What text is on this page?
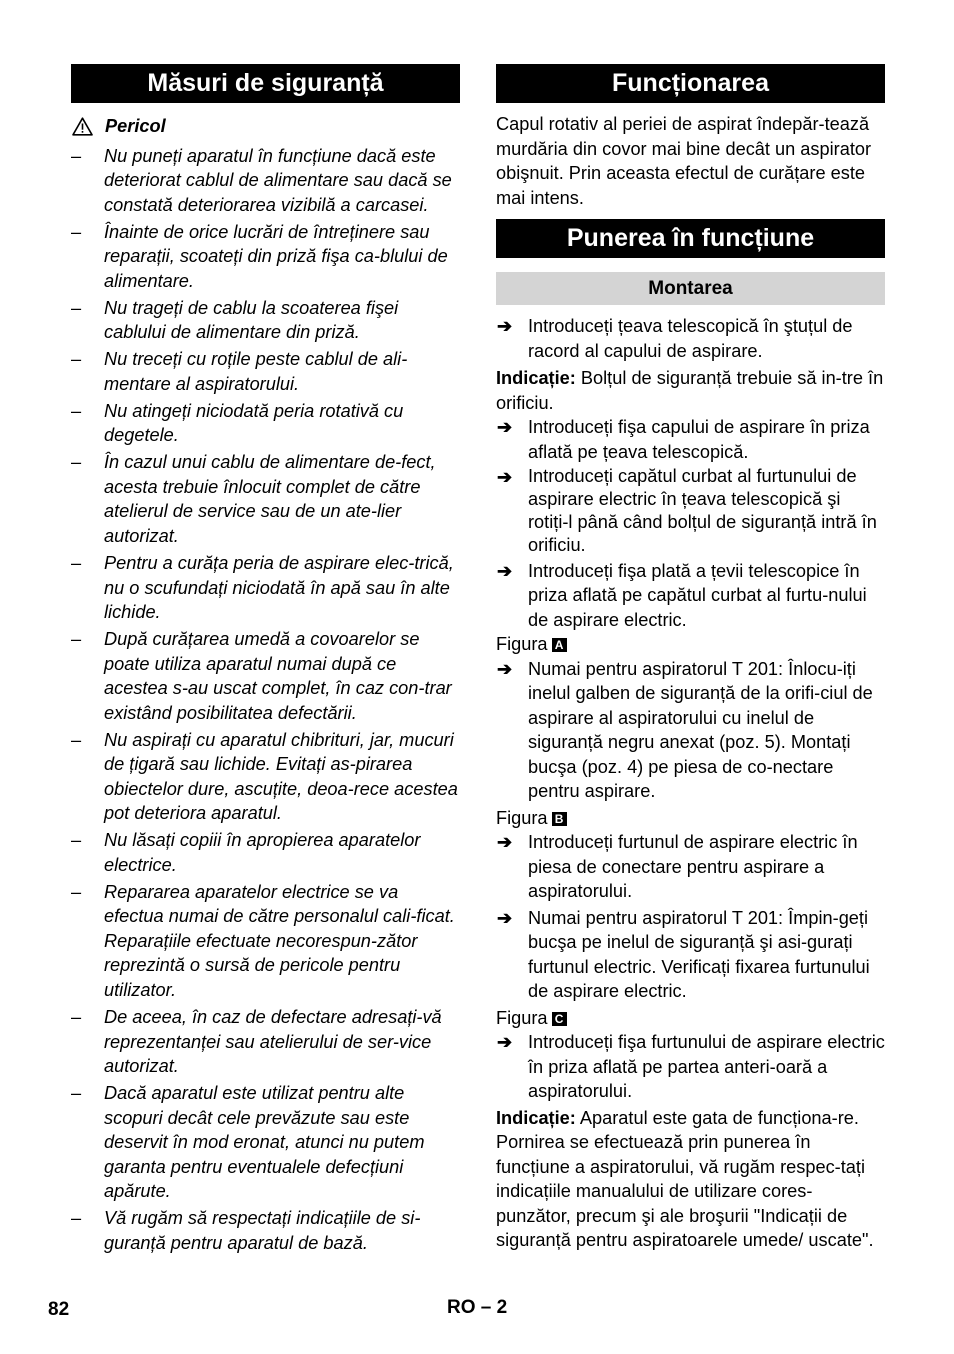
Măsuri de siguranță
Pericol
– Nu puneți aparatul în funcțiune dacă este deteriorat cablul de alimentare sau dacă se constată deteriorarea vizibilă a carcasei.
– Înainte de orice lucrări de întreținere sau reparații, scoateți din priză fişa ca-blului de alimentare.
– Nu trageți de cablu la scoaterea fişei cablului de alimentare din priză.
– Nu treceți cu roțile peste cablul de ali-mentare al aspiratorului.
– Nu atingeți niciodată peria rotativă cu degetele.
– În cazul unui cablu de alimentare de-fect, acesta trebuie înlocuit complet de către atelierul de service sau de un ate-lier autorizat.
– Pentru a curăța peria de aspirare elec-trică, nu o scufundați niciodată în apă sau în alte lichide.
– După curățarea umedă a covoarelor se poate utiliza aparatul numai după ce acestea s-au uscat complet, în caz con-trar existând posibilitatea defectării.
– Nu aspirați cu aparatul chibrituri, jar, mucuri de țigară sau lichide. Evitați as-pirarea obiectelor dure, ascuțite, deoa-rece acestea pot deteriora aparatul.
– Nu lăsați copiii în apropierea aparatelor electrice.
– Repararea aparatelor electrice se va efectua numai de către personalul cali-ficat. Reparațiile efectuate necorespun-zător reprezintă o sursă de pericole pentru utilizator.
– De aceea, în caz de defectare adresați-vă reprezentanței sau atelierului de ser-vice autorizat.
– Dacă aparatul este utilizat pentru alte scopuri decât cele prevăzute sau este deservit în mod eronat, atunci nu putem garanta pentru eventualele defecțiuni apărute.
– Vă rugăm să respectați indicațiile de si-guranță pentru aparatul de bază.
Funcționarea

Capul rotativ al periei de aspirat îndepăr-tează murdăria din covor mai bine decât un aspirator obişnuit. Prin aceasta efectul de curățare este mai intens.

Punerea în funcțiune
Montarea
➔ Introduceți țeava telescopică în ştuțul de racord al capului de aspirare.

Indicație: Bolțul de siguranță trebuie să in-tre în orificiu.

➔ Introduceți fişa capului de aspirare în priza aflată pe țeava telescopică.
➔ Introduceți capătul curbat al furtunului de aspirare electric în țeava telescopică şi rotiți-l până când bolțul de siguranță intră în orificiu.
➔ Introduceți fişa plată a țevii telescopice în priza aflată pe capătul curbat al furtu-nului de aspirare electric.

Figura A

➔ Numai pentru aspiratorul T 201: Înlocu-iți inelul galben de siguranță de la orifi-ciul de aspirare al aspiratorului cu inelul de siguranță negru anexat (poz. 5). Montați bucşa (poz. 4) pe piesa de co-nectare pentru aspirare.

Figura B

➔ Introduceți furtunul de aspirare electric în piesa de conectare pentru aspirare a aspiratorului.
➔ Numai pentru aspiratorul T 201: Împin-geți bucşa pe inelul de siguranță şi asi-gurați furtunul electric. Verificați fixarea furtunului de aspirare electric.

Figura C

➔ Introduceți fişa furtunului de aspirare electric în priza aflată pe partea anteri-oară a aspiratorului.

Indicație: Aparatul este gata de funcționa-re. Pornirea se efectuează prin punerea în funcțiune a aspiratorului, vă rugăm respec-tați indicațiile manualului de utilizare cores-punzător, precum şi ale broşurii "Indicații de siguranță pentru aspiratoarele umede/ uscate".

82	RO – 2
